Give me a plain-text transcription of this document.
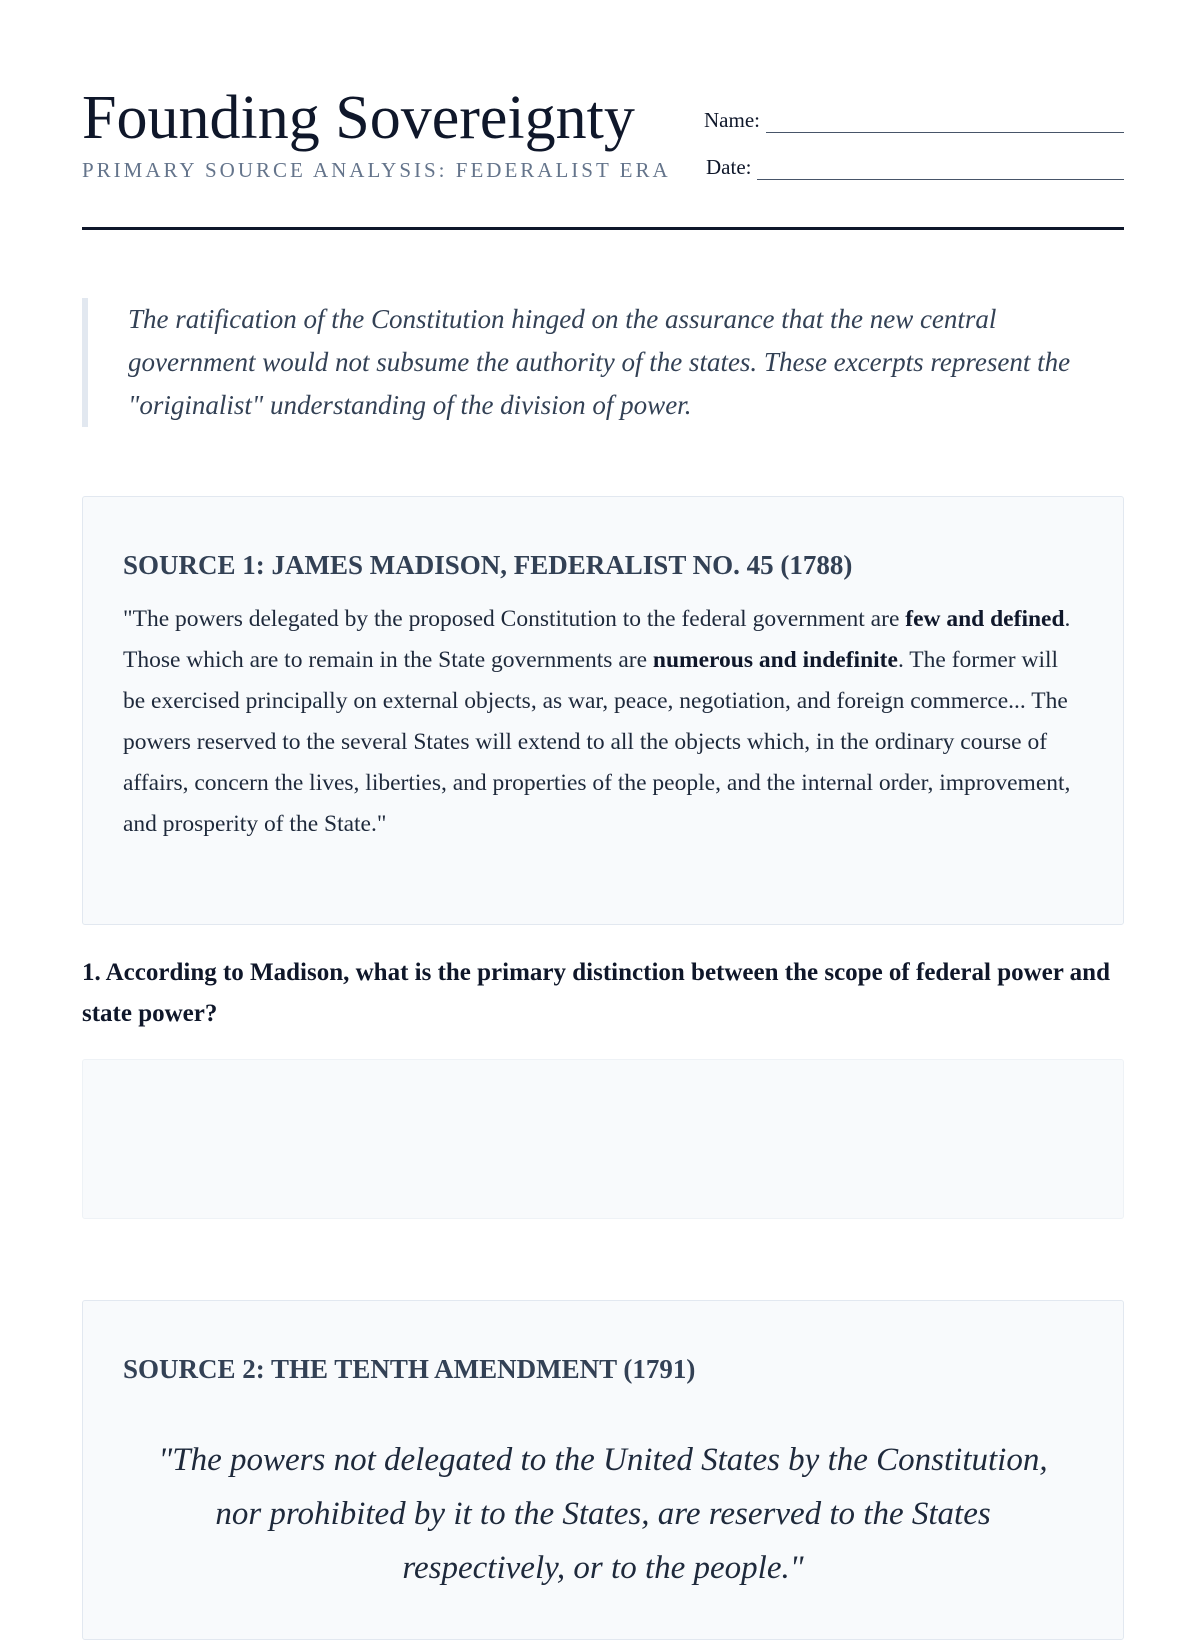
Founding Sovereignty
PRIMARY SOURCE ANALYSIS: FEDERALIST ERA
Name:
Date:
The ratification of the Constitution hinged on the assurance that the new central government would not subsume the authority of the states. These excerpts represent the "originalist" understanding of the division of power.
SOURCE 1: JAMES MADISON, FEDERALIST NO. 45 (1788)
"The powers delegated by the proposed Constitution to the federal government are few and defined. Those which are to remain in the State governments are numerous and indefinite. The former will be exercised principally on external objects, as war, peace, negotiation, and foreign commerce... The powers reserved to the several States will extend to all the objects which, in the ordinary course of affairs, concern the lives, liberties, and properties of the people, and the internal order, improvement, and prosperity of the State."
1. According to Madison, what is the primary distinction between the scope of federal power and state power?
SOURCE 2: THE TENTH AMENDMENT (1791)
"The powers not delegated to the United States by the Constitution, nor prohibited by it to the States, are reserved to the States respectively, or to the people."
